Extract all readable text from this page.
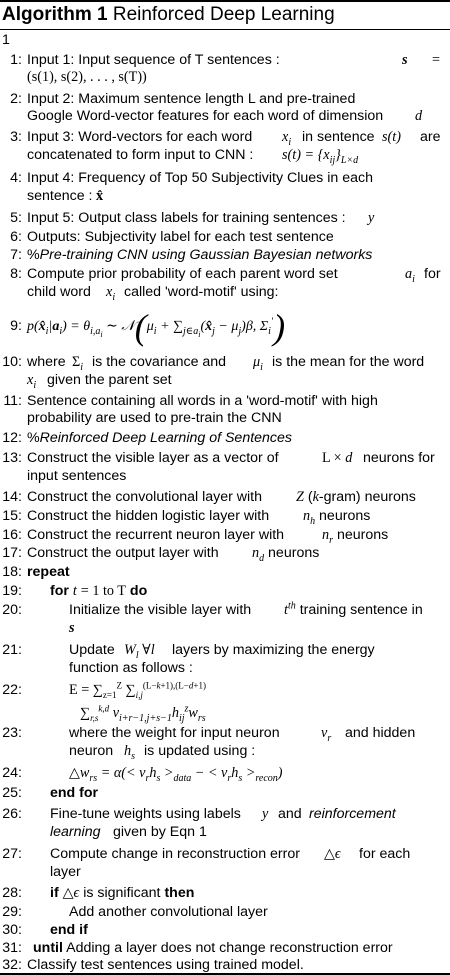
Algorithm 1 Reinforced Deep Learning
1
1: Input 1: Input sequence of T sentences :	s =
(s(1), s(2), . . . , s(T))
2: Input 2: Maximum sentence length L and pre-trained
Google Word-vector features for each word of dimension d
3: Input 3: Word-vectors for each word $x_i$ in sentence s(t) are
concatenated to form input to CNN : $s(t) = \{x_{ij}\}_{L\times d}$
4: Input 4: Frequency of Top 50 Subjectivity Clues in each
sentence : x̂
5: Input 5: Output class labels for training sentences : y
6: Outputs: Subjectivity label for each test sentence
7: %Pre-training CNN using Gaussian Bayesian networks
8: Compute prior probability of each parent word set	$a_i$ for
child word $x_i$ called 'word-motif' using:
9: $p(x̂_i|a_i) = \theta_{i,a_i}$ ∼ $𝒩(\mu_i$ + $\sum_{j\in a_i}(x̂_j - \mu_j)\beta$, $\Sigma_i'$)
10: where $\Sigma_i$ is the covariance and $\mu_i$ is the mean for the word
$x_i$ given the parent set
11: Sentence containing all words in a 'word-motif' with high
probability are used to pre-train the CNN
12: %Reinforced Deep Learning of Sentences
13: Construct the visible layer as a vector of	L × d neurons for
input sentences
14: Construct the convolutional layer with Z (k-gram) neurons
15: Construct the hidden logistic layer with $n_h$ neurons
16: Construct the recurrent neuron layer with	$n_r$ neurons
17: Construct the output layer with $n_d$ neurons
18: repeat
19: for t = 1 to T do
20:	Initialize the visible layer with $t^{th}$ training sentence in
s
21:	Update $W_l$ ∀l layers by maximizing the energy
function as follows :
22:	$E = \sum_{z=1}^Z$ $\sum_{i,j}^{(L-k+1),(L-d+1)}$
$\sum_{r,s}^{k,d}$ $v_{i+r-1,j+s-1}h_{ij}^zw_{rs}$
23:	where the weight for input neuron	$v_r$ and hidden
neuron $h_s$ is updated using :
24:	$\triangle w_{rs} = \alpha(< v_rh_s >_{data}$ − < $v_rh_s >_{recon}$)
25: end for
26: Fine-tune weights using labels y and reinforcement
learning given by Eqn 1
27: Compute change in reconstruction error △ϵ for each
layer
28: if △ϵ is significant then
29:	Add another convolutional layer
30: end if
31: until Adding a layer does not change reconstruction error
32: Classify test sentences using trained model.
